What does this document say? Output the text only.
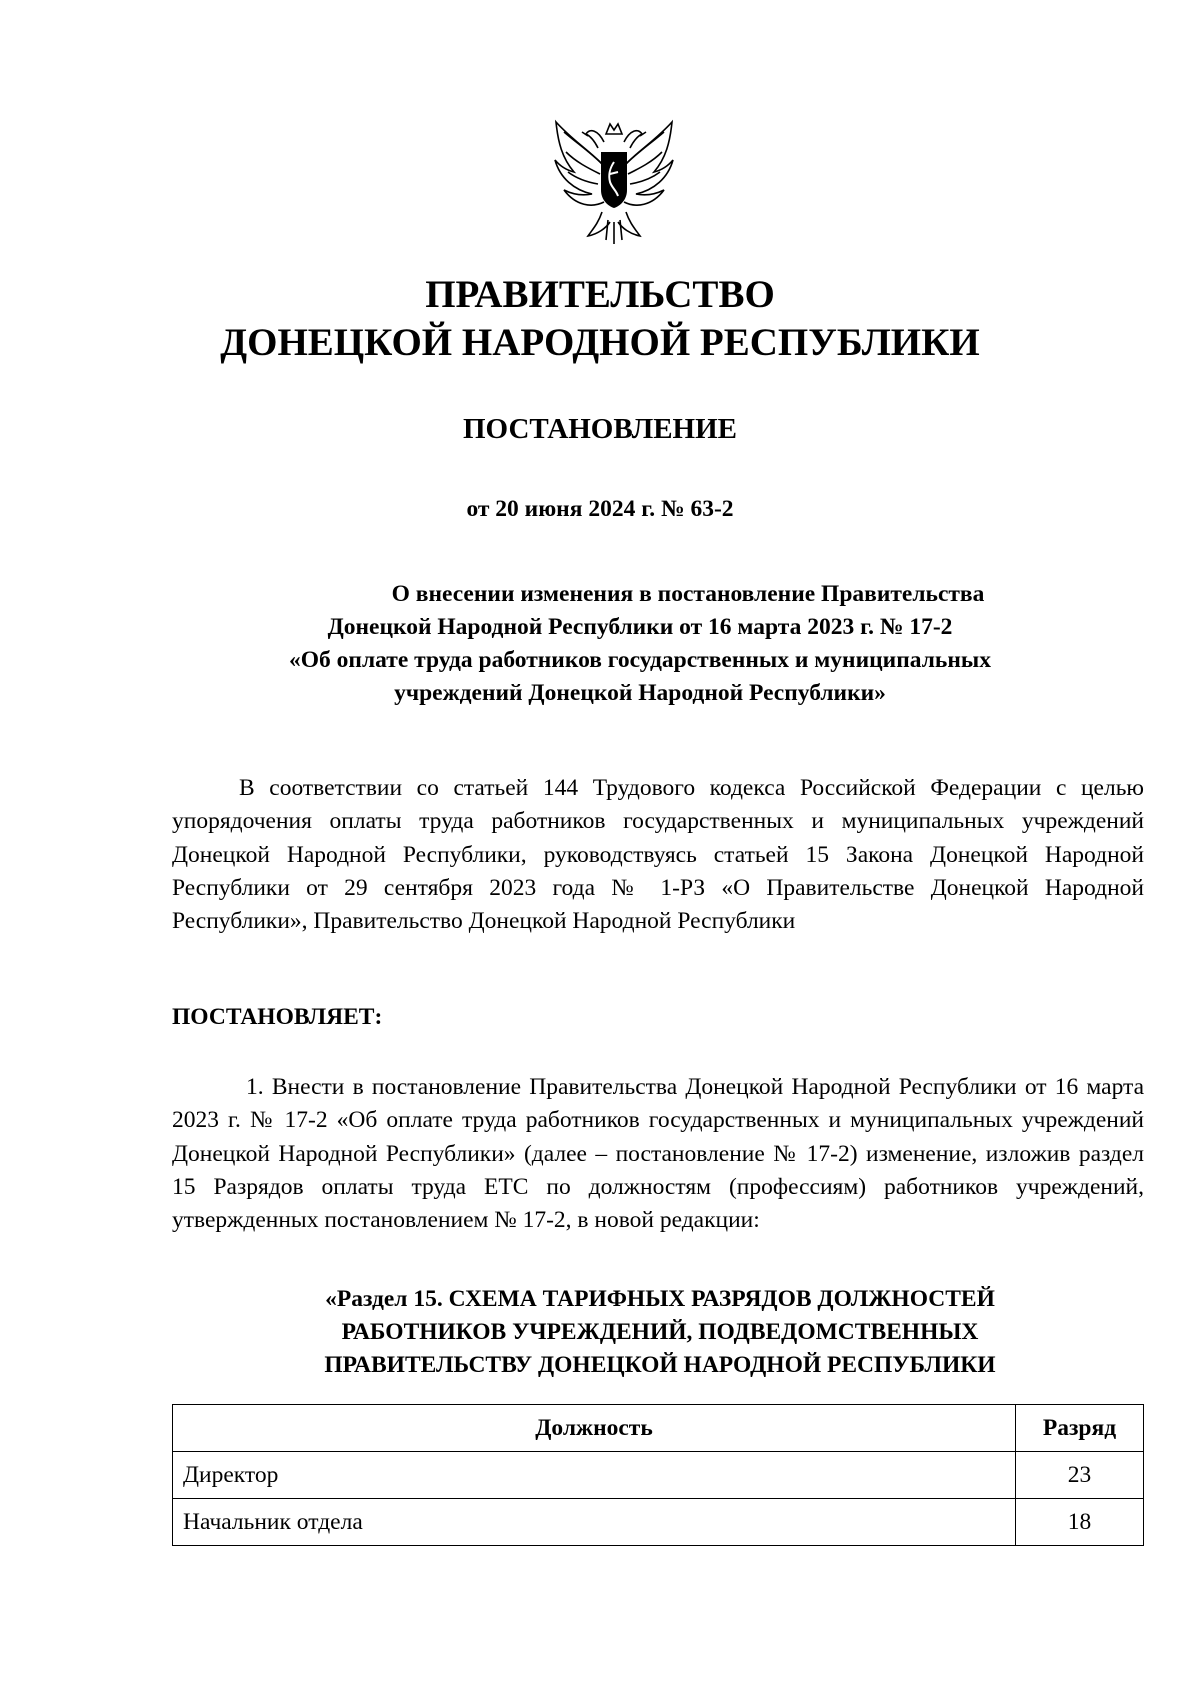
ПРАВИТЕЛЬСТВО
ДОНЕЦКОЙ НАРОДНОЙ РЕСПУБЛИКИ
ПОСТАНОВЛЕНИЕ

от 20 июня 2024 г. № 63-2

О внесении изменения в постановление Правительства
Донецкой Народной Республики от 16 марта 2023 г. № 17-2
«Об оплате труда работников государственных и муниципальных
учреждений Донецкой Народной Республики»

В соответствии со статьей 144 Трудового кодекса Российской Федерации с целью упорядочения оплаты труда работников государственных и муниципальных учреждений Донецкой Народной Республики, руководствуясь статьей 15 Закона Донецкой Народной Республики от 29 сентября 2023 года № 1-РЗ «О Правительстве Донецкой Народной Республики», Правительство Донецкой Народной Республики

ПОСТАНОВЛЯЕТ:

1. Внести в постановление Правительства Донецкой Народной Республики от 16 марта 2023 г. № 17-2 «Об оплате труда работников государственных и муниципальных учреждений Донецкой Народной Республики» (далее – постановление № 17-2) изменение, изложив раздел 15 Разрядов оплаты труда ЕТС по должностям (профессиям) работников учреждений, утвержденных постановлением № 17-2, в новой редакции:

«Раздел 15. СХЕМА ТАРИФНЫХ РАЗРЯДОВ ДОЛЖНОСТЕЙ
РАБОТНИКОВ УЧРЕЖДЕНИЙ, ПОДВЕДОМСТВЕННЫХ
ПРАВИТЕЛЬСТВУ ДОНЕЦКОЙ НАРОДНОЙ РЕСПУБЛИКИ
Должность	Разряд
Директор	23
Начальник отдела	18
